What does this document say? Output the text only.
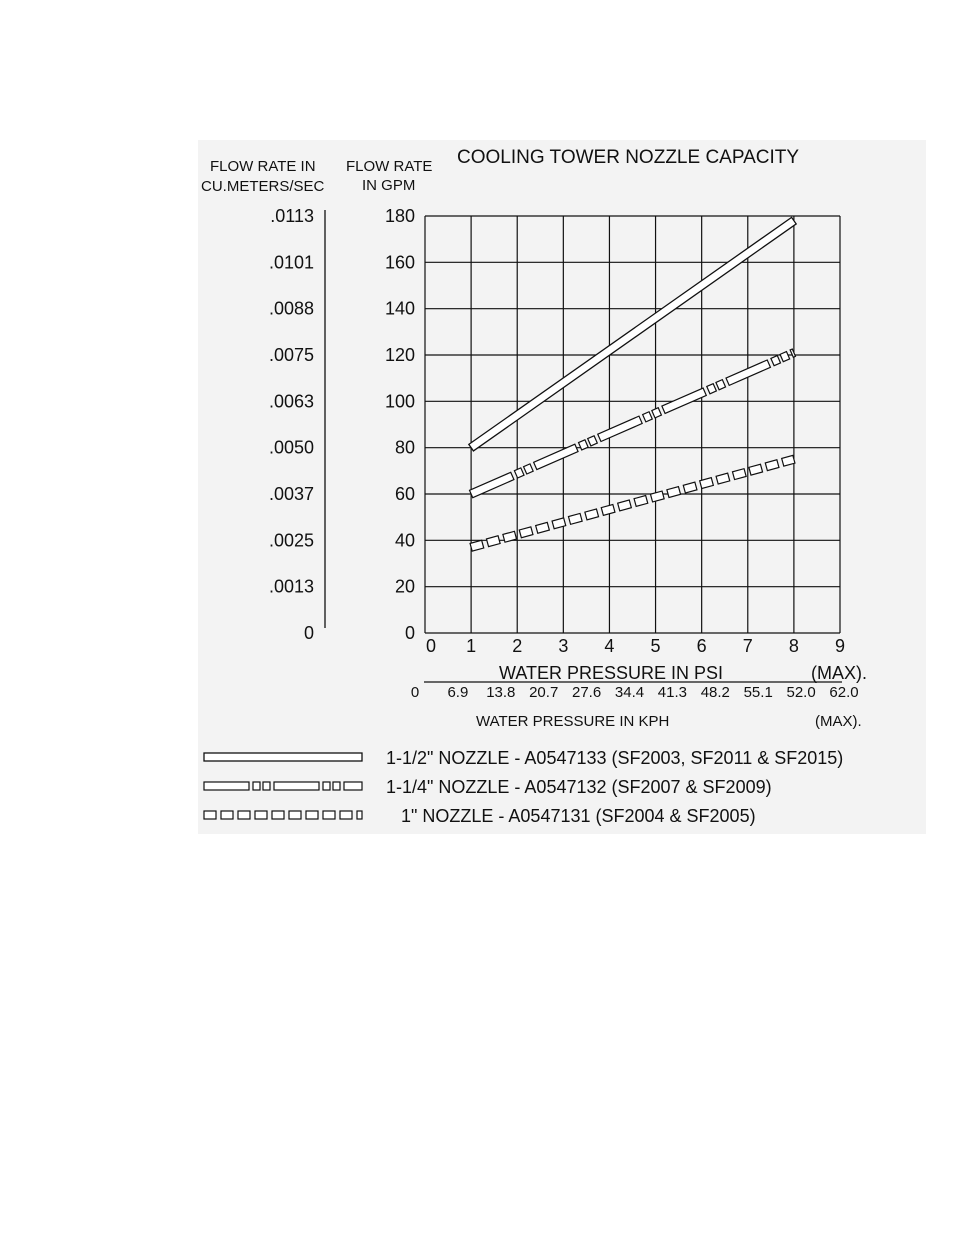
COOLING TOWER NOZZLE CAPACITY
FLOW RATE IN
CU.METERS/SEC
FLOW RATE
IN GPM
.0113
.0101
.0088
.0075
.0063
.0050
.0037
.0025
.0013
0
180
160
140
120
100
80
60
40
20
0
0 1 2 3 4 5 6 7 8 9
WATER PRESSURE IN PSI	(MAX).
0 6.9 13.8 20.7 27.6 34.4 41.3 48.2 55.1 52.0 62.0
WATER PRESSURE IN KPH	(MAX).
1-1/2" NOZZLE - A0547133 (SF2003, SF2011 & SF2015)
1-1/4" NOZZLE - A0547132 (SF2007 & SF2009)
1" NOZZLE - A0547131 (SF2004 & SF2005)
